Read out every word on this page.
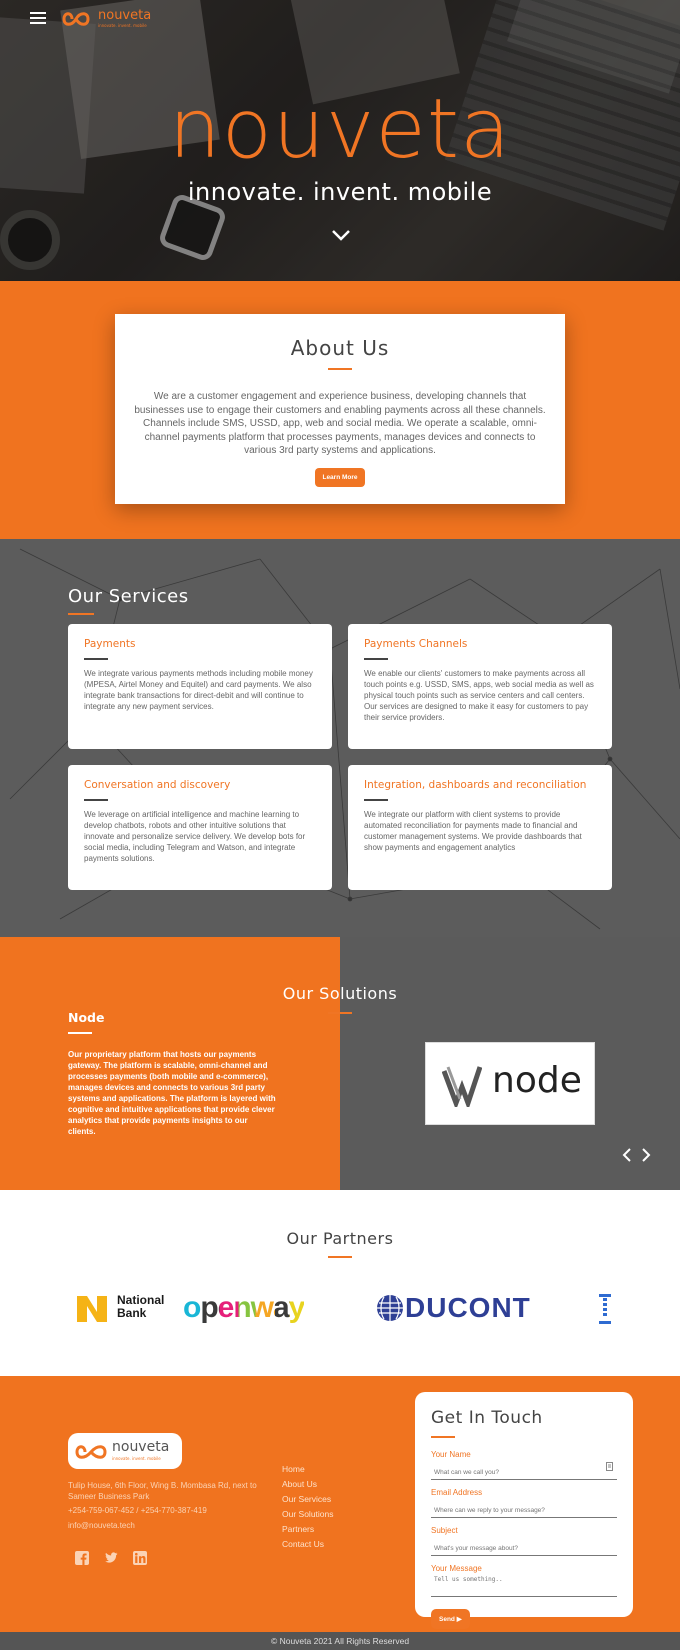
nouveta
innovate. invent. mobile
nouveta
innovate. invent. mobile
About Us

We are a customer engagement and experience business, developing channels that businesses use to engage their customers and enabling payments across all these channels. Channels include SMS, USSD, app, web and social media. We operate a scalable, omni-channel payments platform that processes payments, manages devices and connects to various 3rd party systems and applications.

Learn More
Our Services
Payments

We integrate various payments methods including mobile money (MPESA, Airtel Money and Equitel) and card payments. We also integrate bank transactions for direct-debit and will continue to integrate any new payment services.

Payments Channels

We enable our clients' customers to make payments across all touch points e.g. USSD, SMS, apps, web social media as well as physical touch points such as service centers and call centers. Our services are designed to make it easy for customers to pay their service providers.

Conversation and discovery

We leverage on artificial intelligence and machine learning to develop chatbots, robots and other intuitive solutions that innovate and personalize service delivery. We develop bots for social media, including Telegram and Watson, and integrate payments solutions.

Integration, dashboards and reconciliation

We integrate our platform with client systems to provide automated reconciliation for payments made to financial and customer management systems. We provide dashboards that show payments and engagement analytics

Our Solutions
Node
Our proprietary platform that hosts our payments gateway. The platform is scalable, omni-channel and processes payments (both mobile and e-commerce), manages devices and connects to various 3rd party systems and applications. The platform is layered with cognitive and intuitive applications that provide clever analytics that provide payments insights to our clients.
node
Our Partners
National Bank	openway	DUCONT
nouveta
innovate. invent. mobile
Tulip House, 6th Floor, Wing B. Mombasa Rd, next to Sameer Business Park
+254-759-067-452 / +254-770-387-419
info@nouveta.tech
Home
About Us
Our Services
Our Solutions
Partners
Contact Us
Get In Touch
Your Name
What can we call you?
Email Address
Where can we reply to your message?
Subject
What's your message about?
Your Message
Tell us something.. Send ▶
© Nouveta 2021 All Rights Reserved
